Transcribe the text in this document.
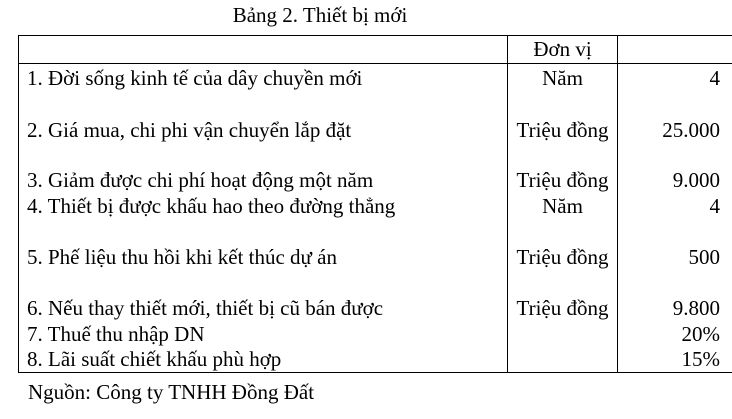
Bảng 2. Thiết bị mới
	Đơn vị	
1. Đời sống kinh tế của dây chuyền mới	Năm	4
2. Giá mua, chi phi vận chuyển lắp đặt	Triệu đồng	25.000
3. Giảm được chi phí hoạt động một năm	Triệu đồng	9.000
4. Thiết bị được khấu hao theo đường thẳng	Năm	4
5. Phế liệu thu hồi khi kết thúc dự án	Triệu đồng	500
6. Nếu thay thiết mới, thiết bị cũ bán được	Triệu đồng	9.800
7. Thuế thu nhập DN		20%
8. Lãi suất chiết khấu phù hợp		15%
Nguồn: Công ty TNHH Đồng Đất
